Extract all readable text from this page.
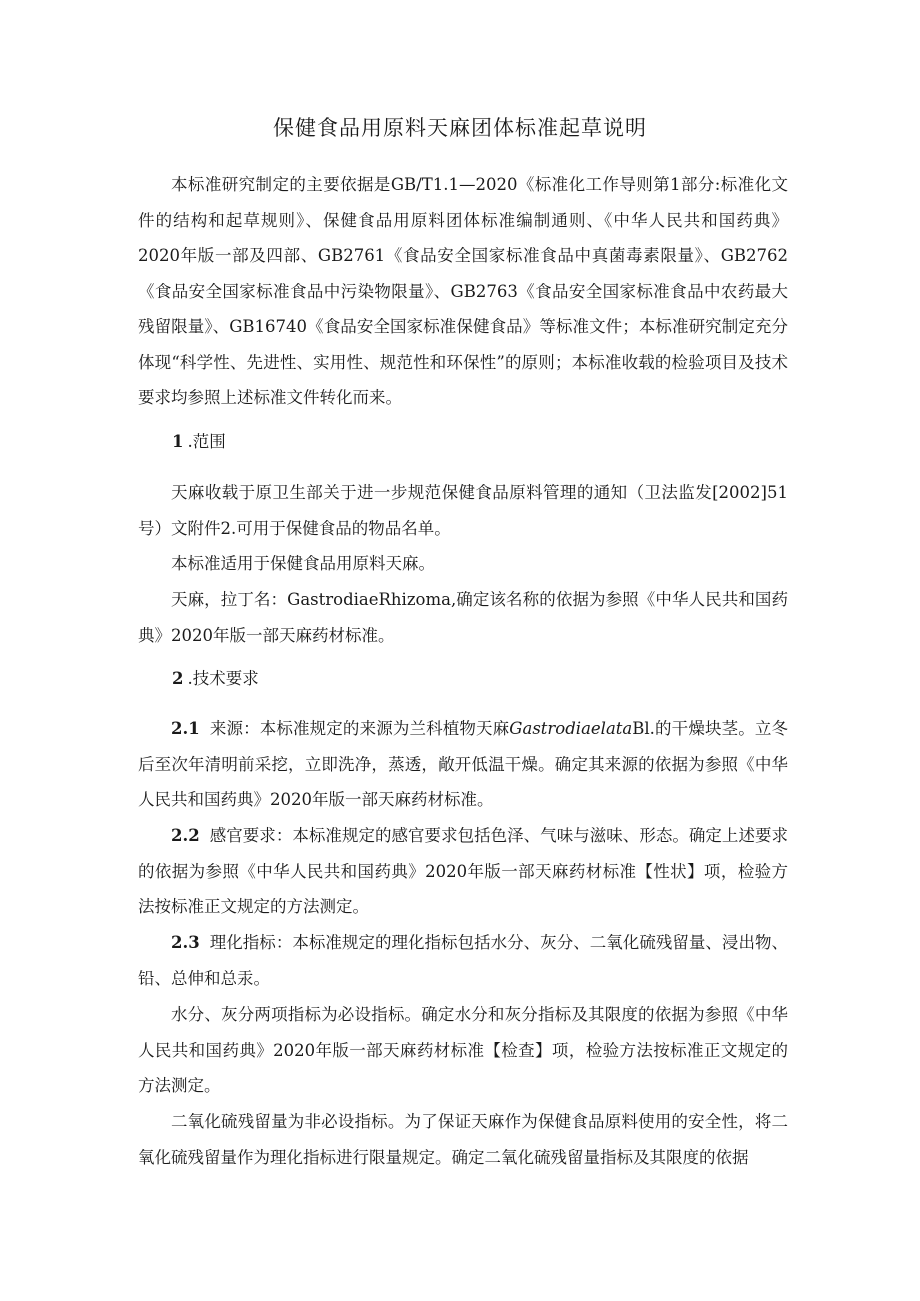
保健食品用原料天麻团体标准起草说明

本标准研究制定的主要依据是GB/T1.1—2020《标准化工作导则第1部分:标准化文件的结构和起草规则》、保健食品用原料团体标准编制通则、《中华人民共和国药典》2020年版一部及四部、GB2761《食品安全国家标准食品中真菌毒素限量》、GB2762《食品安全国家标准食品中污染物限量》、GB2763《食品安全国家标准食品中农药最大残留限量》、GB16740《食品安全国家标准保健食品》等标准文件；本标准研究制定充分体现“科学性、先进性、实用性、规范性和环保性”的原则；本标准收载的检验项目及技术要求均参照上述标准文件转化而来。

1 .范围

天麻收载于原卫生部关于进一步规范保健食品原料管理的通知（卫法监发[2002]51号）文附件2.可用于保健食品的物品名单。

本标准适用于保健食品用原料天麻。

天麻，拉丁名：GastrodiaeRhizoma,确定该名称的依据为参照《中华人民共和国药典》2020年版一部天麻药材标准。

2 .技术要求

2.1 来源：本标准规定的来源为兰科植物天麻GastrodiaelataBl.的干燥块茎。立冬后至次年清明前采挖，立即洗净，蒸透，敞开低温干燥。确定其来源的依据为参照《中华人民共和国药典》2020年版一部天麻药材标准。

2.2 感官要求：本标准规定的感官要求包括色泽、气味与滋味、形态。确定上述要求的依据为参照《中华人民共和国药典》2020年版一部天麻药材标准【性状】项，检验方法按标准正文规定的方法测定。

2.3 理化指标：本标准规定的理化指标包括水分、灰分、二氧化硫残留量、浸出物、铅、总伸和总汞。

水分、灰分两项指标为必设指标。确定水分和灰分指标及其限度的依据为参照《中华人民共和国药典》2020年版一部天麻药材标准【检查】项，检验方法按标准正文规定的方法测定。

二氧化硫残留量为非必设指标。为了保证天麻作为保健食品原料使用的安全性，将二氧化硫残留量作为理化指标进行限量规定。确定二氧化硫残留量指标及其限度的依据
